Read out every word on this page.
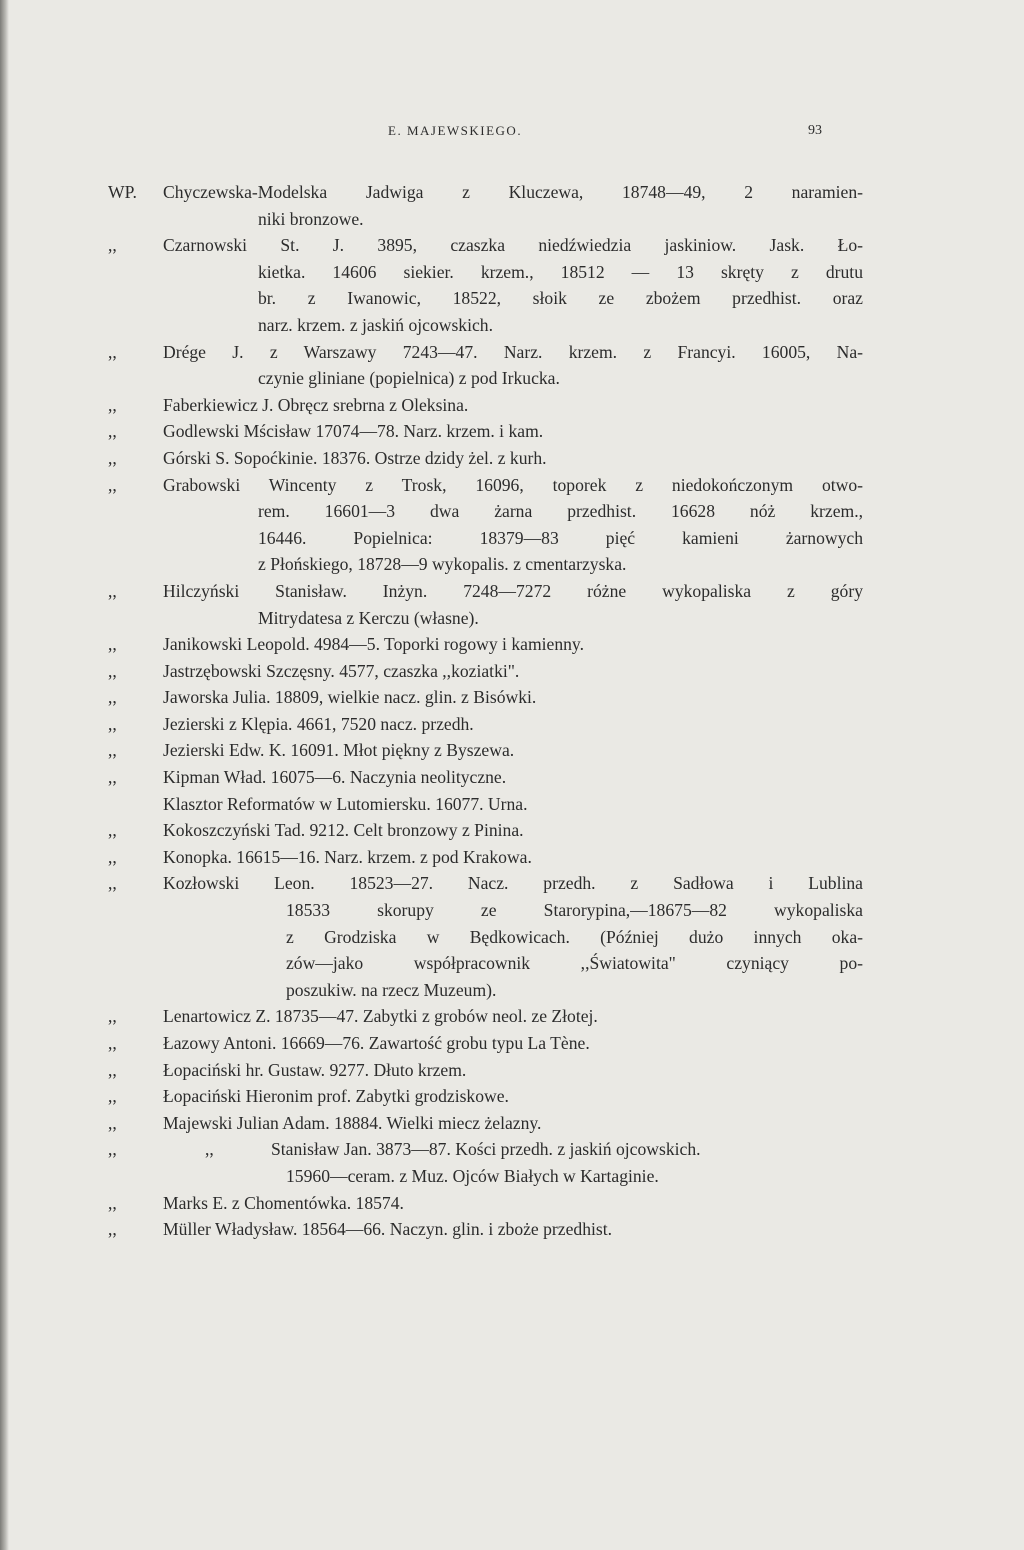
E. MAJEWSKIEGO.	93
WP.	Chyczewska-Modelska Jadwiga z Kluczewa, 18748—49, 2 naramien-
niki bronzowe.
,,	Czarnowski St. J. 3895, czaszka niedźwiedzia jaskiniow. Jask. Ło-
kietka. 14606 siekier. krzem., 18512 — 13 skręty z drutu
br. z Iwanowic, 18522, słoik ze zbożem przedhist. oraz
narz. krzem. z jaskiń ojcowskich.
,,	Drége J. z Warszawy 7243—47. Narz. krzem. z Francyi. 16005, Na-
czynie gliniane (popielnica) z pod Irkucka.
,,	Faberkiewicz J. Obręcz srebrna z Oleksina.
,,	Godlewski Mścisław 17074—78. Narz. krzem. i kam.
,,	Górski S. Sopoćkinie. 18376. Ostrze dzidy żel. z kurh.
,,	Grabowski Wincenty z Trosk, 16096, toporek z niedokończonym otwo-
rem. 16601—3 dwa żarna przedhist. 16628 nóż krzem.,
16446. Popielnica: 18379—83 pięć kamieni żarnowych
z Płońskiego, 18728—9 wykopalis. z cmentarzyska.
,,	Hilczyński Stanisław. Inżyn. 7248—7272 różne wykopaliska z góry
Mitrydatesa z Kerczu (własne).
,,	Janikowski Leopold. 4984—5. Toporki rogowy i kamienny.
,,	Jastrzębowski Szczęsny. 4577, czaszka ,,koziatki".
,,	Jaworska Julia. 18809, wielkie nacz. glin. z Bisówki.
,,	Jezierski z Klępia. 4661, 7520 nacz. przedh.
,,	Jezierski Edw. K. 16091. Młot piękny z Byszewa.
,,	Kipman Wład. 16075—6. Naczynia neolityczne.
Klasztor Reformatów w Lutomiersku. 16077. Urna.
,,	Kokoszczyński Tad. 9212. Celt bronzowy z Pinina.
,,	Konopka. 16615—16. Narz. krzem. z pod Krakowa.
,,	Kozłowski Leon. 18523—27. Nacz. przedh. z Sadłowa i Lublina
18533 skorupy ze Starorypina,—18675—82 wykopaliska
z Grodziska w Będkowicach. (Później dużo innych oka-
zów—jako współpracownik ,,Światowita" czyniący po-
poszukiw. na rzecz Muzeum).
,,	Lenartowicz Z. 18735—47. Zabytki z grobów neol. ze Złotej.
,,	Łazowy Antoni. 16669—76. Zawartość grobu typu La Tène.
,,	Łopaciński hr. Gustaw. 9277. Dłuto krzem.
,,	Łopaciński Hieronim prof. Zabytki grodziskowe.
,,	Majewski Julian Adam. 18884. Wielki miecz żelazny.
,,	,,	Stanisław Jan. 3873—87. Kości przedh. z jaskiń ojcowskich.
15960—ceram. z Muz. Ojców Białych w Kartaginie.
,,	Marks E. z Chomentówka. 18574.
,,	Müller Władysław. 18564—66. Naczyn. glin. i zboże przedhist.
